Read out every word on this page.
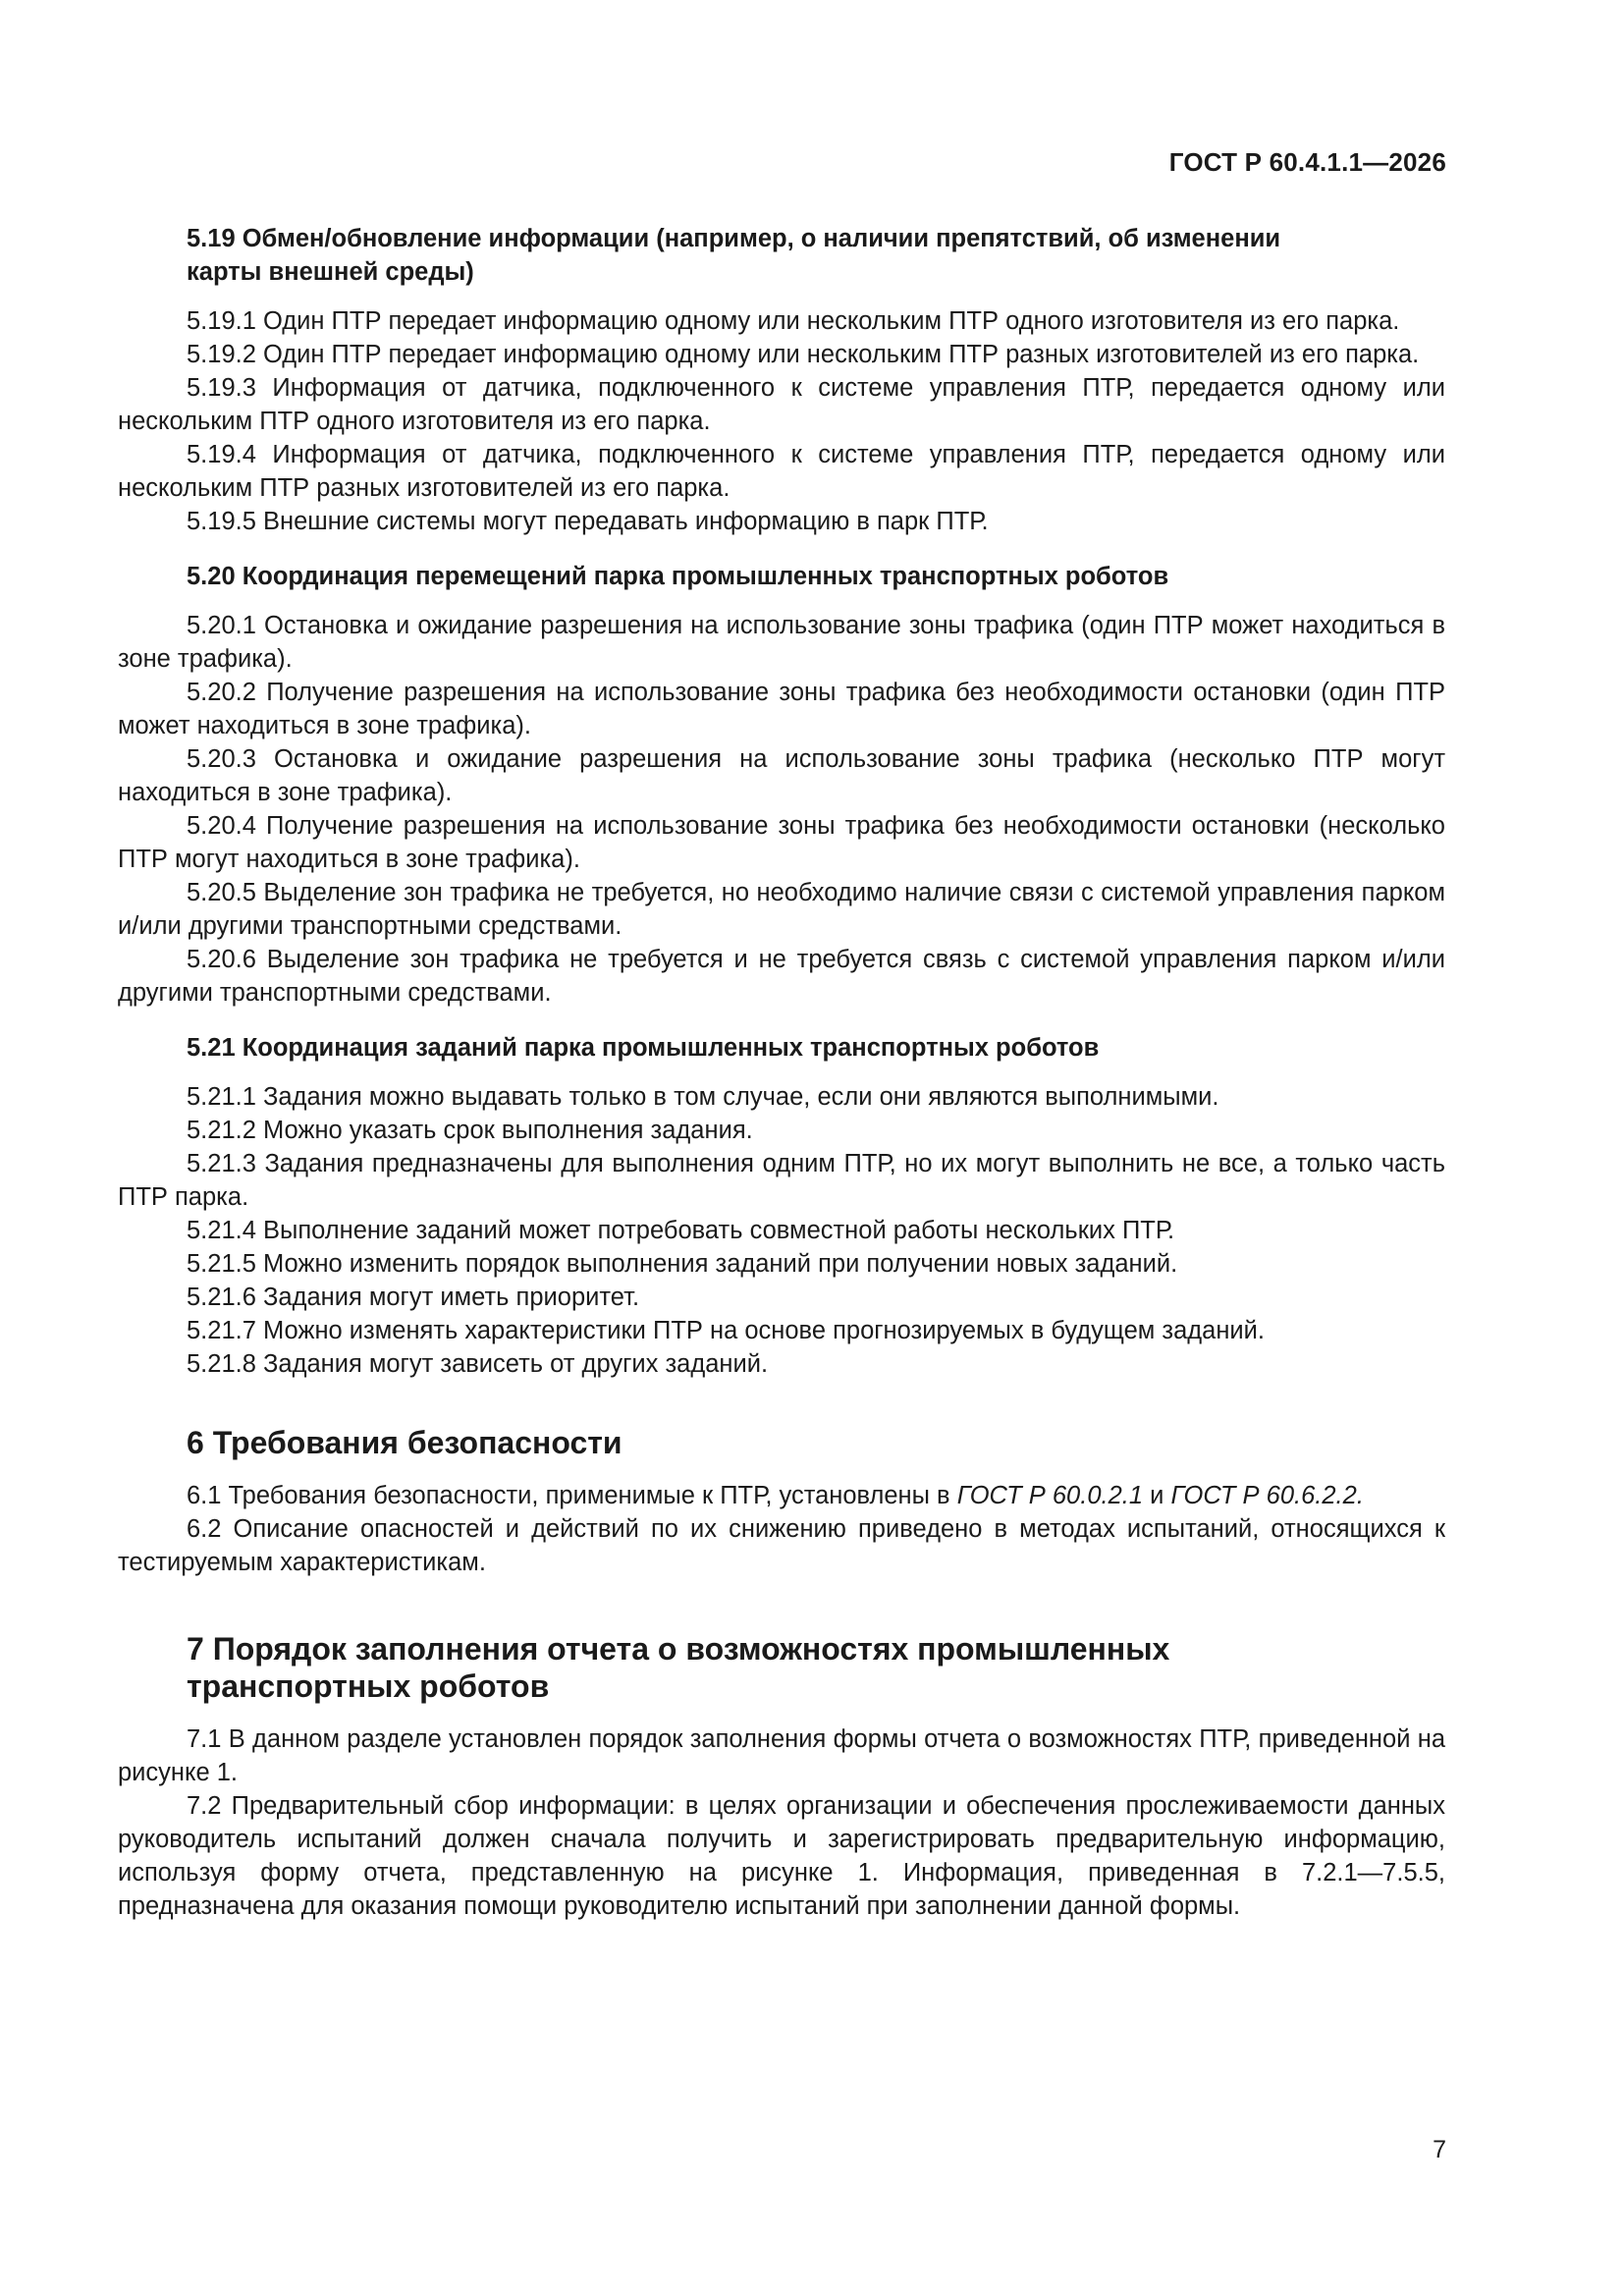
ГОСТ Р 60.4.1.1—2026
5.19 Обмен/обновление информации (например, о наличии препятствий, об изменении
карты внешней среды)

5.19.1 Один ПТР передает информацию одному или нескольким ПТР одного изготовителя из его парка.

5.19.2 Один ПТР передает информацию одному или нескольким ПТР разных изготовителей из его парка.

5.19.3 Информация от датчика, подключенного к системе управления ПТР, передается одному или нескольким ПТР одного изготовителя из его парка.

5.19.4 Информация от датчика, подключенного к системе управления ПТР, передается одному или нескольким ПТР разных изготовителей из его парка.

5.19.5 Внешние системы могут передавать информацию в парк ПТР.

5.20 Координация перемещений парка промышленных транспортных роботов

5.20.1 Остановка и ожидание разрешения на использование зоны трафика (один ПТР может находиться в зоне трафика).

5.20.2 Получение разрешения на использование зоны трафика без необходимости остановки (один ПТР может находиться в зоне трафика).

5.20.3 Остановка и ожидание разрешения на использование зоны трафика (несколько ПТР могут находиться в зоне трафика).

5.20.4 Получение разрешения на использование зоны трафика без необходимости остановки (несколько ПТР могут находиться в зоне трафика).

5.20.5 Выделение зон трафика не требуется, но необходимо наличие связи с системой управления парком и/или другими транспортными средствами.

5.20.6 Выделение зон трафика не требуется и не требуется связь с системой управления парком и/или другими транспортными средствами.

5.21 Координация заданий парка промышленных транспортных роботов

5.21.1 Задания можно выдавать только в том случае, если они являются выполнимыми.

5.21.2 Можно указать срок выполнения задания.

5.21.3 Задания предназначены для выполнения одним ПТР, но их могут выполнить не все, а только часть ПТР парка.

5.21.4 Выполнение заданий может потребовать совместной работы нескольких ПТР.

5.21.5 Можно изменить порядок выполнения заданий при получении новых заданий.

5.21.6 Задания могут иметь приоритет.

5.21.7 Можно изменять характеристики ПТР на основе прогнозируемых в будущем заданий.

5.21.8 Задания могут зависеть от других заданий.

6 Требования безопасности

6.1 Требования безопасности, применимые к ПТР, установлены в ГОСТ Р 60.0.2.1 и ГОСТ Р 60.6.2.2.

6.2 Описание опасностей и действий по их снижению приведено в методах испытаний, относящихся к тестируемым характеристикам.

7 Порядок заполнения отчета о возможностях промышленных
транспортных роботов

7.1 В данном разделе установлен порядок заполнения формы отчета о возможностях ПТР, приведенной на рисунке 1.

7.2 Предварительный сбор информации: в целях организации и обеспечения прослеживаемости данных руководитель испытаний должен сначала получить и зарегистрировать предварительную информацию, используя форму отчета, представленную на рисунке 1. Информация, приведенная в 7.2.1—7.5.5, предназначена для оказания помощи руководителю испытаний при заполнении данной формы.

7
